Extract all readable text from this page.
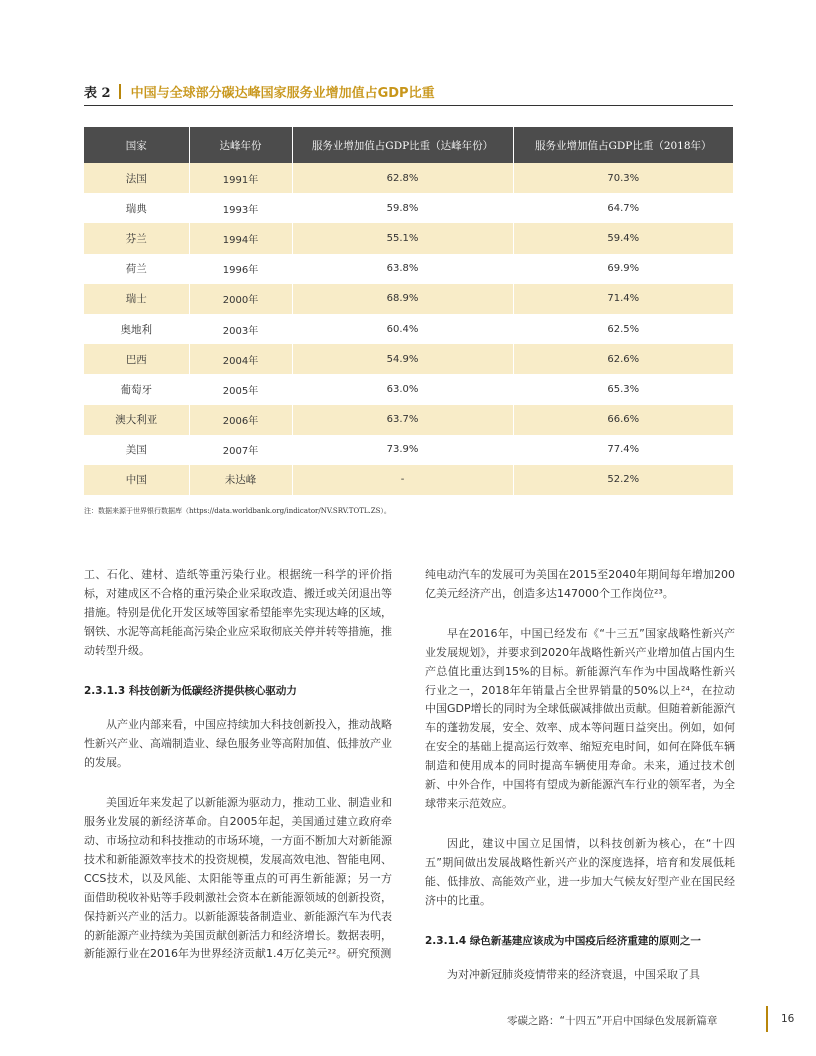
表 2 中国与全球部分碳达峰国家服务业增加值占GDP比重
国家	达峰年份	服务业增加值占GDP比重（达峰年份）	服务业增加值占GDP比重（2018年）
法国	1991年	62.8%	70.3%
瑞典	1993年	59.8%	64.7%
芬兰	1994年	55.1%	59.4%
荷兰	1996年	63.8%	69.9%
瑞士	2000年	68.9%	71.4%
奥地利	2003年	60.4%	62.5%
巴西	2004年	54.9%	62.6%
葡萄牙	2005年	63.0%	65.3%
澳大利亚	2006年	63.7%	66.6%
美国	2007年	73.9%	77.4%
中国	未达峰	-	52.2%
注：数据来源于世界银行数据库（https://data.worldbank.org/indicator/NV.SRV.TOTL.ZS）。

工、石化、建材、造纸等重污染行业。根据统一科学的评价指标，对建成区不合格的重污染企业采取改造、搬迁或关闭退出等措施。特别是优化开发区域等国家希望能率先实现达峰的区域，钢铁、水泥等高耗能高污染企业应采取彻底关停并转等措施，推动转型升级。

2.3.1.3 科技创新为低碳经济提供核心驱动力

从产业内部来看，中国应持续加大科技创新投入，推动战略性新兴产业、高端制造业、绿色服务业等高附加值、低排放产业的发展。

美国近年来发起了以新能源为驱动力，推动工业、制造业和服务业发展的新经济革命。自2005年起，美国通过建立政府牵动、市场拉动和科技推动的市场环境，一方面不断加大对新能源技术和新能源效率技术的投资规模，发展高效电池、智能电网、CCS技术，以及风能、太阳能等重点的可再生新能源；另一方面借助税收补贴等手段刺激社会资本在新能源领域的创新投资，保持新兴产业的活力。以新能源装备制造业、新能源汽车为代表的新能源产业持续为美国贡献创新活力和经济增长。数据表明，新能源行业在2016年为世界经济贡献1.4万亿美元²²。研究预测

纯电动汽车的发展可为美国在2015至2040年期间每年增加200亿美元经济产出，创造多达147000个工作岗位²³。

早在2016年，中国已经发布《“十三五”国家战略性新兴产业发展规划》，并要求到2020年战略性新兴产业增加值占国内生产总值比重达到15%的目标。新能源汽车作为中国战略性新兴行业之一，2018年年销量占全世界销量的50%以上²⁴，在拉动中国GDP增长的同时为全球低碳减排做出贡献。但随着新能源汽车的蓬勃发展，安全、效率、成本等问题日益突出。例如，如何在安全的基础上提高运行效率、缩短充电时间，如何在降低车辆制造和使用成本的同时提高车辆使用寿命。未来，通过技术创新、中外合作，中国将有望成为新能源汽车行业的领军者，为全球带来示范效应。

因此，建议中国立足国情，以科技创新为核心，在“十四五”期间做出发展战略性新兴产业的深度选择，培育和发展低耗能、低排放、高能效产业，进一步加大气候友好型产业在国民经济中的比重。

2.3.1.4 绿色新基建应该成为中国疫后经济重建的原则之一

为对冲新冠肺炎疫情带来的经济衰退，中国采取了具

零碳之路：“十四五”开启中国绿色发展新篇章	16
